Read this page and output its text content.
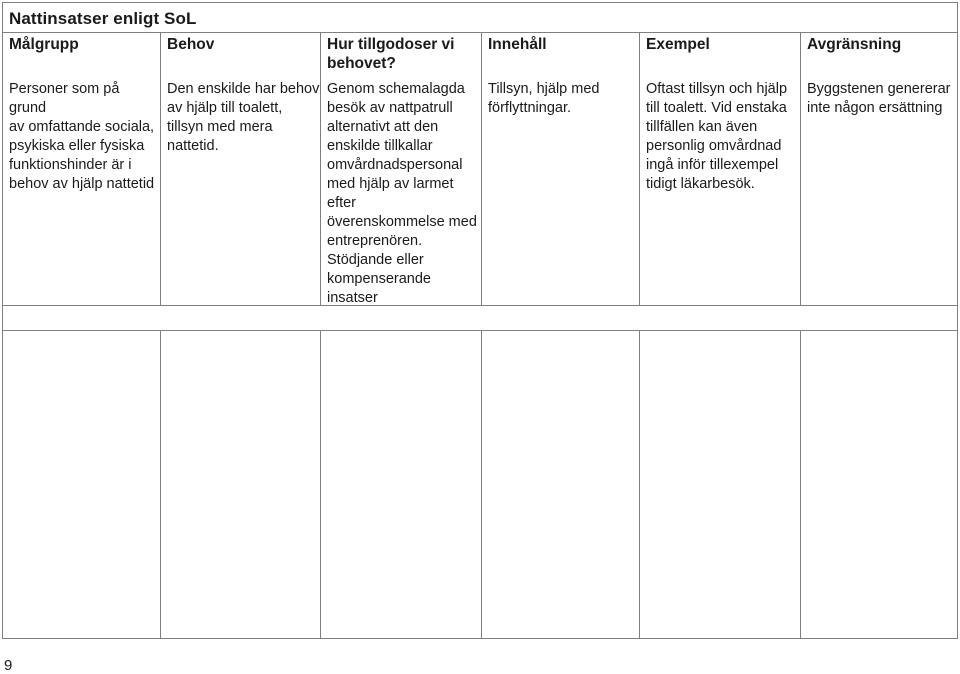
Nattinsatser enligt SoL
Målgrupp
Personer som på grund
av omfattande sociala,
psykiska eller fysiska
funktionshinder är i
behov av hjälp nattetid
Behov
Den enskilde har behov
av hjälp till toalett,
tillsyn med mera
nattetid.
Hur tillgodoser vi
behovet?
Genom schemalagda
besök av nattpatrull
alternativt att den
enskilde tillkallar
omvårdnadspersonal
med hjälp av larmet
efter
överenskommelse med
entreprenören.
Stödjande eller
kompenserande
insatser
Innehåll
Tillsyn, hjälp med
förflyttningar.
Exempel
Oftast tillsyn och hjälp
till toalett. Vid enstaka
tillfällen kan även
personlig omvårdnad
ingå inför tillexempel
tidigt läkarbesök.
Avgränsning
Byggstenen genererar
inte någon ersättning
9
